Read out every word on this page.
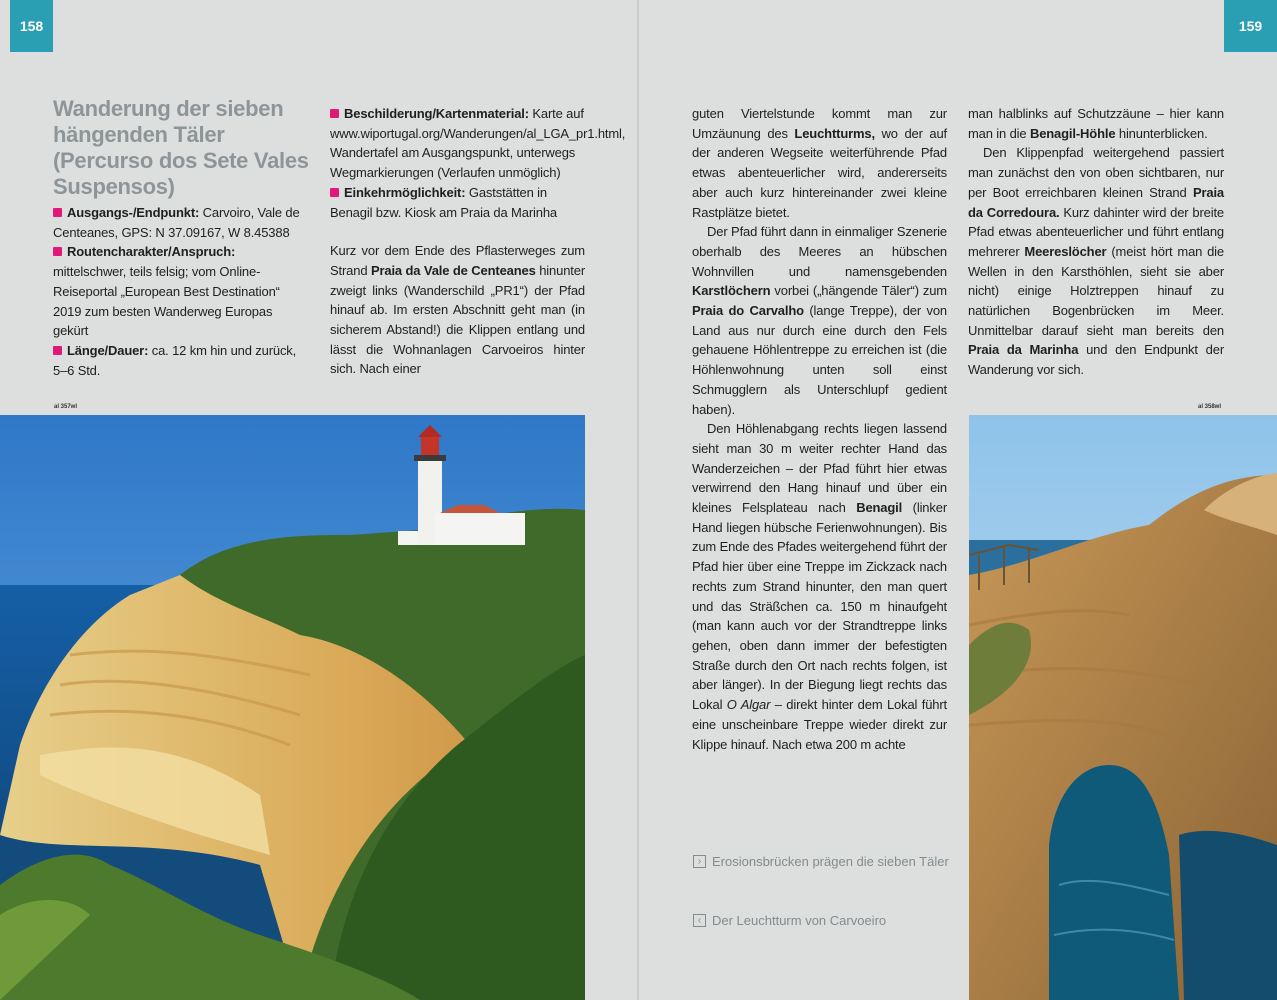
158
Wanderung der sieben hängenden Täler (Percurso dos Sete Vales Suspensos)

Ausgangs-/Endpunkt: Carvoiro, Vale de Centeanes, GPS: N 37.09167, W 8.45388

Routencharakter/Anspruch: mittelschwer, teils felsig; vom Online-Reiseportal „European Best Destination“ 2019 zum besten Wanderweg Europas gekürt

Länge/Dauer: ca. 12 km hin und zurück, 5–6 Std.

Beschilderung/Kartenmaterial: Karte auf www.wiportugal.org/Wanderungen/al_LGA_pr1.html, Wandertafel am Ausgangspunkt, unterwegs Wegmarkierungen (Verlaufen unmöglich)

Einkehrmöglichkeit: Gaststätten in Benagil bzw. Kiosk am Praia da Marinha

Kurz vor dem Ende des Pflasterweges zum Strand Praia da Vale de Centeanes hinunter zweigt links (Wanderschild „PR1“) der Pfad hinauf ab. Im ersten Abschnitt geht man (in sicherem Abstand!) die Klippen entlang und lässt die Wohnanlagen Carvoeiros hinter sich. Nach einer

al 357wl
159

guten Viertelstunde kommt man zur Umzäunung des Leuchtturms, wo der auf der anderen Wegseite weiterführende Pfad etwas abenteuerlicher wird, andererseits aber auch kurz hintereinander zwei kleine Rastplätze bietet.

Der Pfad führt dann in einmaliger Szenerie oberhalb des Meeres an hübschen Wohnvillen und namensgebenden Karstlöchern vorbei („hängende Täler“) zum Praia do Carvalho (lange Treppe), der von Land aus nur durch eine durch den Fels gehauene Höhlentreppe zu erreichen ist (die Höhlenwohnung unten soll einst Schmugglern als Unterschlupf gedient haben).

Den Höhlenabgang rechts liegen lassend sieht man 30 m weiter rechter Hand das Wanderzeichen – der Pfad führt hier etwas verwirrend den Hang hinauf und über ein kleines Felsplateau nach Benagil (linker Hand liegen hübsche Ferienwohnungen). Bis zum Ende des Pfades weitergehend führt der Pfad hier über eine Treppe im Zickzack nach rechts zum Strand hinunter, den man quert und das Sträßchen ca. 150 m hinaufgeht (man kann auch vor der Strandtreppe links gehen, oben dann immer der befestigten Straße durch den Ort nach rechts folgen, ist aber länger). In der Biegung liegt rechts das Lokal O Algar – direkt hinter dem Lokal führt eine unscheinbare Treppe wieder direkt zur Klippe hinauf. Nach etwa 200 m achte

man halblinks auf Schutzzäune – hier kann man in die Benagil-Höhle hinunterblicken.

Den Klippenpfad weitergehend passiert man zunächst den von oben sichtbaren, nur per Boot erreichbaren kleinen Strand Praia da Corredoura. Kurz dahinter wird der breite Pfad etwas abenteuerlicher und führt entlang mehrerer Meereslöcher (meist hört man die Wellen in den Karsthöhlen, sieht sie aber nicht) einige Holztreppen hinauf zu natürlichen Bogenbrücken im Meer. Unmittelbar darauf sieht man bereits den Praia da Marinha und den Endpunkt der Wanderung vor sich.

al 358wl
› Erosionsbrücken prägen die sieben Täler
‹ Der Leuchtturm von Carvoeiro
